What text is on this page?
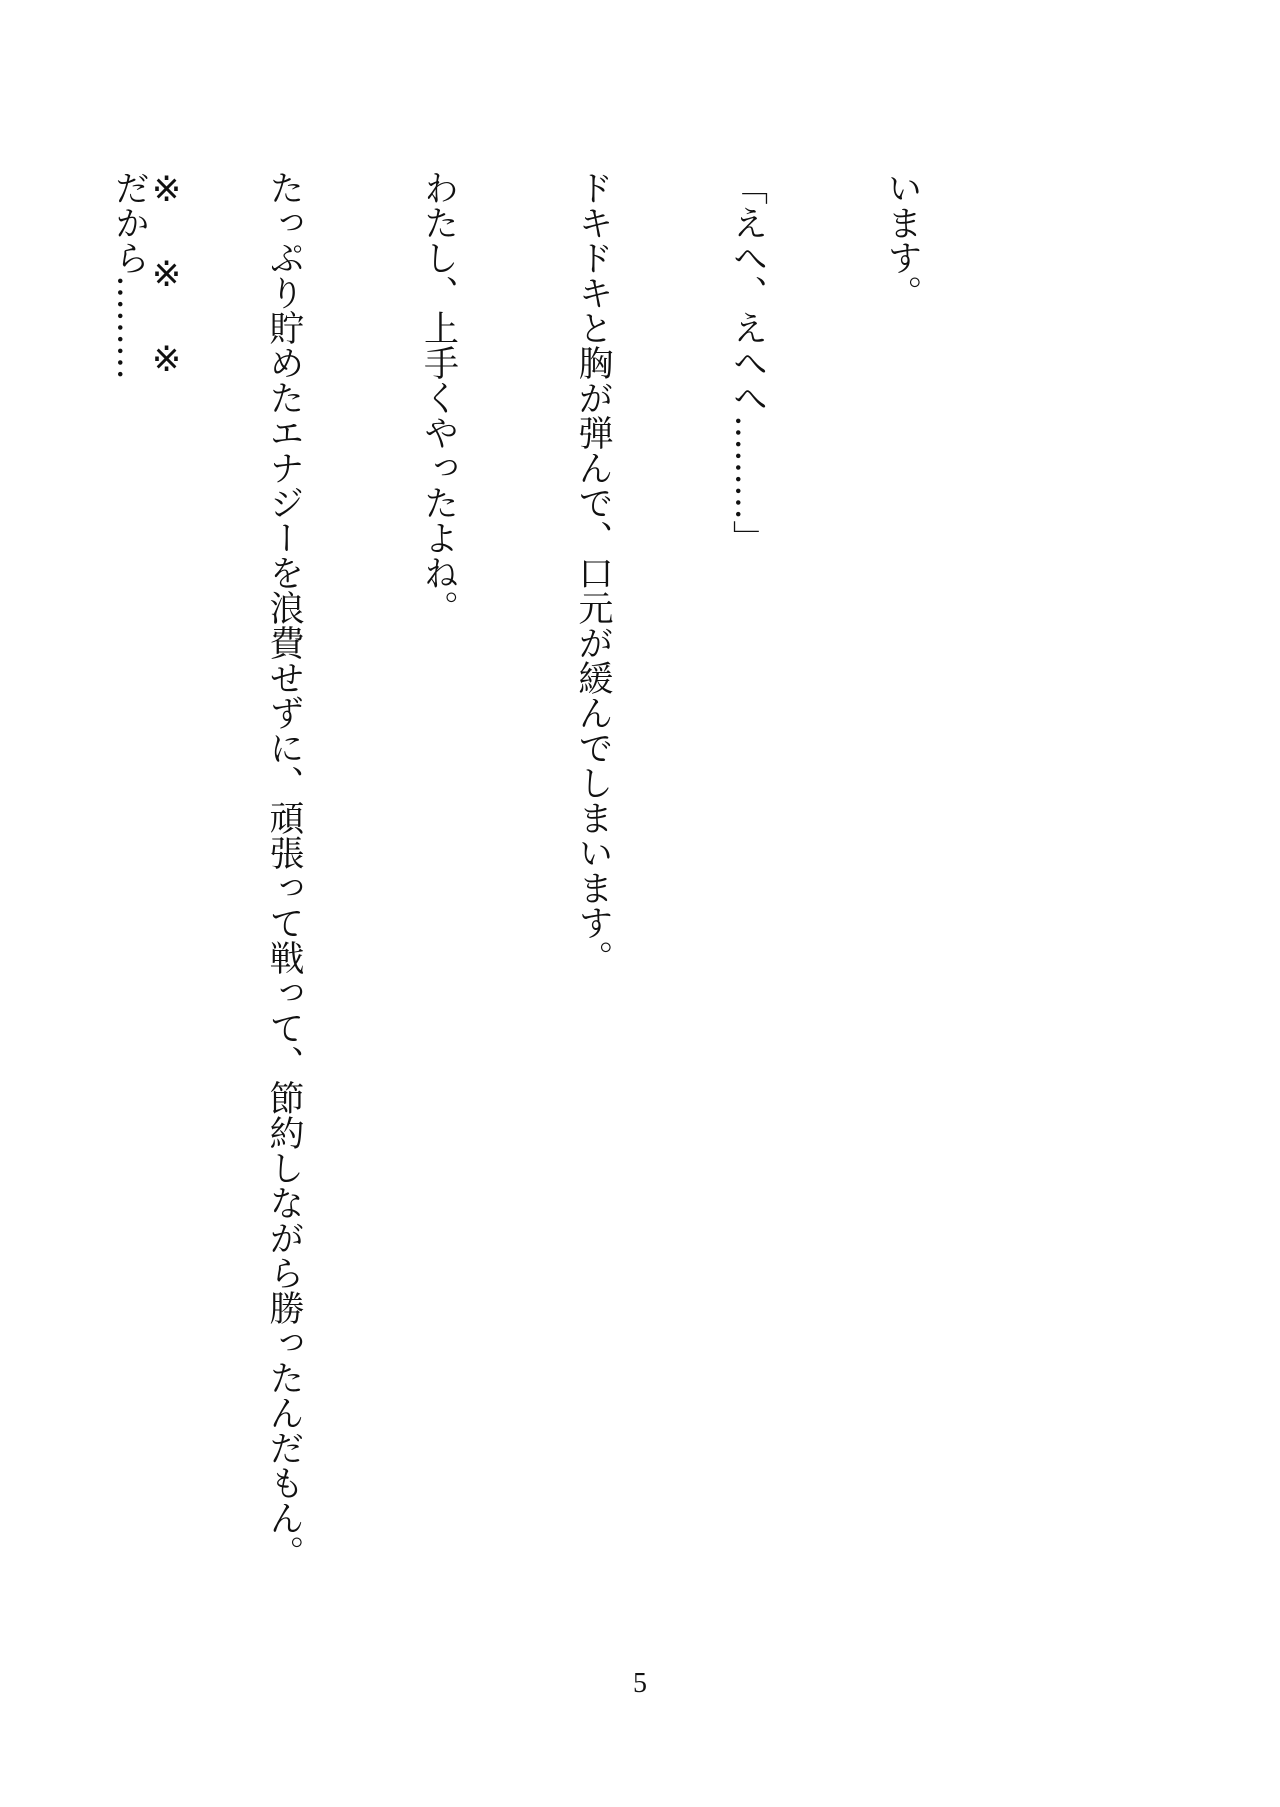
います。

「えへ、えへへ………」

ドキドキと胸が弾んで、口元が緩んでしまいます。

わたし、上手くやったよね。

たっぷり貯めたエナジーを浪費せずに、頑張って戦って、節約しながら勝ったんだもん。

だから………

※※※
5
